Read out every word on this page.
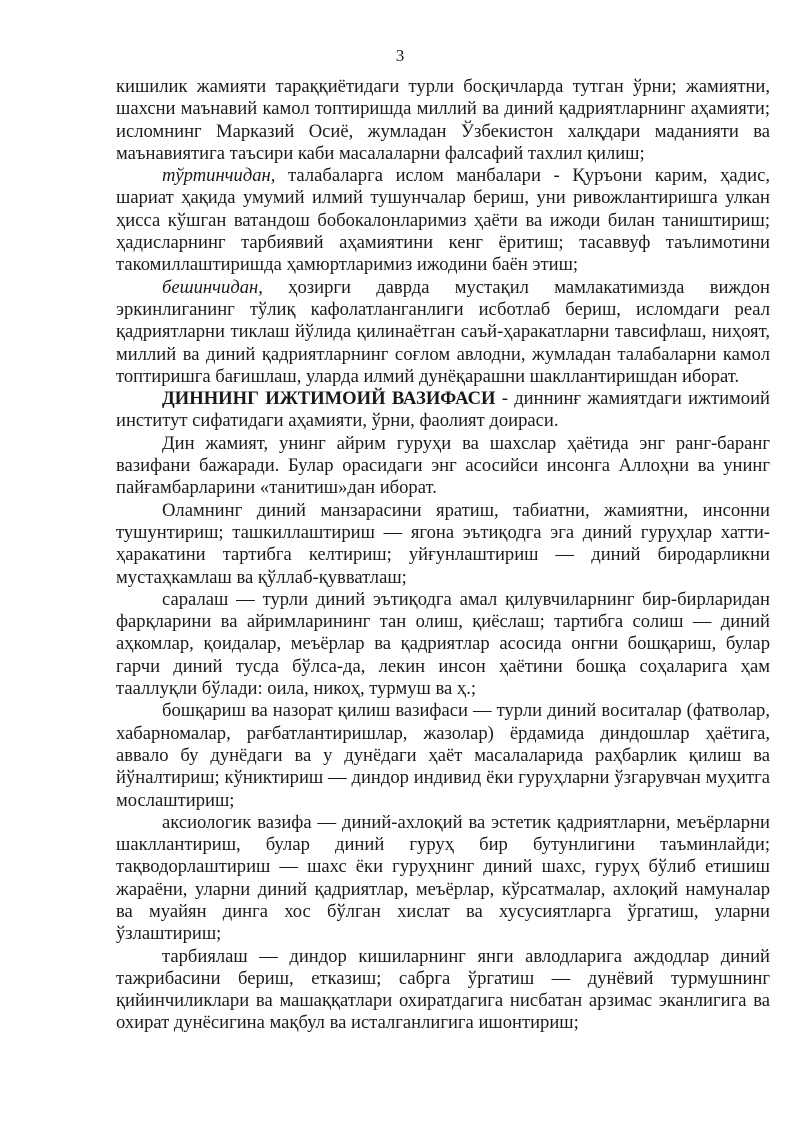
3

кишилик жамияти тараққиётидаги турли босқичларда тутган ўрни; жамиятни, шахсни маънавий камол топтиришда миллий ва диний қадриятларнинг аҳамияти; исломнинг Марказий Осиё, жумладан Ўзбекистон халқдари маданияти ва маънавиятига таъсири каби масалаларни фалсафий тахлил қилиш;

тўртинчидан, талабаларга ислом манбалари - Қуръони карим, ҳадис, шариат ҳақида умумий илмий тушунчалар бериш, уни ривожлантиришга улкан ҳисса кўшган ватандош бобокалонларимиз ҳаёти ва ижоди билан таништириш; ҳадисларнинг тарбиявий аҳамиятини кенг ёритиш; тасаввуф таълимотини такомиллаштиришда ҳамюртларимиз ижодини баён этиш;

бешинчидан, ҳозирги даврда мустақил мамлакатимизда виждон эркинлиганинг тўлиқ кафолатланганлиги исботлаб бериш, исломдаги реал қадриятларни тиклаш йўлида қилинаётган саъй-ҳаракатларни тавсифлаш, ниҳоят, миллий ва диний қадриятларнинг соғлом авлодни, жумладан талабаларни камол топтиришга бағишлаш, уларда илмий дунёқарашни шакллантиришдан иборат.

ДИННИНГ ИЖТИМОИЙ ВАЗИФАСИ - диннинғ жамиятдаги ижтимоий институт сифатидаги аҳамияти, ўрни, фаолият доираси.

Дин жамият, унинг айрим гуруҳи ва шахслар ҳаётида энг ранг-баранг вазифани бажаради. Булар орасидаги энг асосийси инсонга Аллоҳни ва унинг пайғамбарларини «танитиш»дан иборат.

Оламнинг диний манзарасини яратиш, табиатни, жамиятни, инсонни тушунтириш; ташкиллаштириш — ягона эътиқодга эга диний гуруҳлар хатти-ҳаракатини тартибга келтириш; уйғунлаштириш — диний биродарликни мустаҳкамлаш ва қўллаб-қувватлаш;

саралаш — турли диний эътиқодга амал қилувчиларнинг бир-бирларидан фарқларини ва айримларининг тан олиш, қиёслаш; тартибга солиш — диний аҳкомлар, қоидалар, меъёрлар ва қадриятлар асосида онгни бошқариш, булар гарчи диний тусда бўлса-да, лекин инсон ҳаётини бошқа соҳаларига ҳам тааллуқли бўлади: оила, никоҳ, турмуш ва ҳ.;

бошқариш ва назорат қилиш вазифаси — турли диний воситалар (фатволар, хабарномалар, рағбатлантиришлар, жазолар) ёрдамида диндошлар ҳаётига, аввало бу дунёдаги ва у дунёдаги ҳаёт масалаларида раҳбарлик қилиш ва йўналтириш; кўниктириш — диндор индивид ёки гуруҳларни ўзгарувчан муҳитга мослаштириш;

аксиологик вазифа — диний-ахлоқий ва эстетик қадриятларни, меъёрларни шакллантириш, булар диний гуруҳ бир бутунлигини таъминлайди; тақводорлаштириш — шахс ёки гуруҳнинг диний шахс, гуруҳ бўлиб етишиш жараёни, уларни диний қадриятлар, меъёрлар, кўрсатмалар, ахлоқий намуналар ва муайян динга хос бўлган хислат ва хусусиятларга ўргатиш, уларни ўзлаштириш;

тарбиялаш — диндор кишиларнинг янги авлодларига аждодлар диний тажрибасини бериш, етказиш; сабрга ўргатиш — дунёвий турмушнинг қийинчиликлари ва машаққатлари охиратдагига нисбатан арзимас эканлигига ва охират дунёсигина мақбул ва исталганлигига ишонтириш;
